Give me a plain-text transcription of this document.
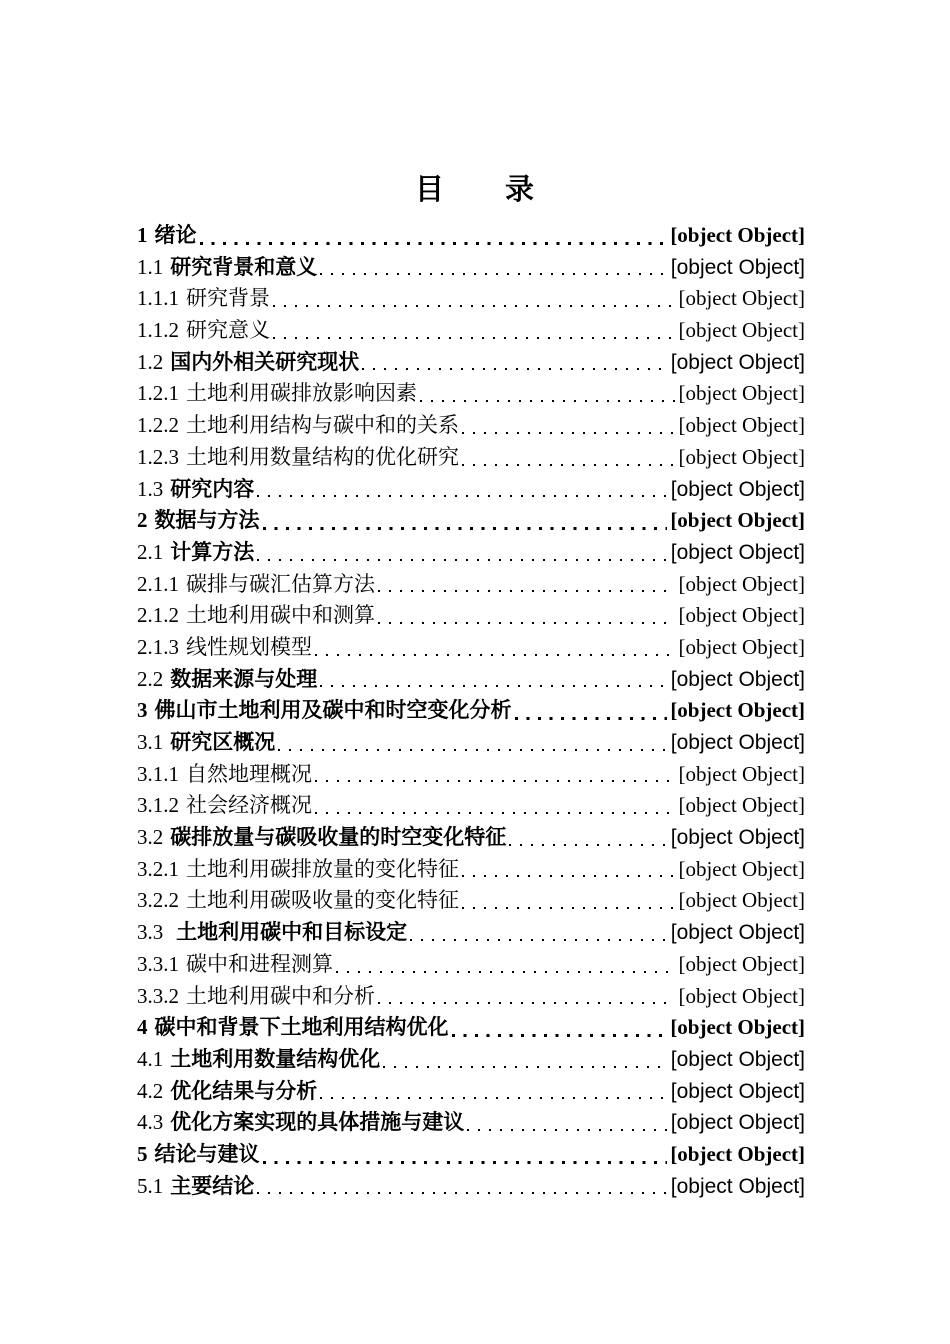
目　　录
1 绪论	[object Object]
1.1 研究背景和意义	[object Object]
1.1.1 研究背景	[object Object]
1.1.2 研究意义	[object Object]
1.2 国内外相关研究现状	[object Object]
1.2.1 土地利用碳排放影响因素	[object Object]
1.2.2 土地利用结构与碳中和的关系	[object Object]
1.2.3 土地利用数量结构的优化研究	[object Object]
1.3 研究内容	[object Object]
2 数据与方法	[object Object]
2.1 计算方法	[object Object]
2.1.1 碳排与碳汇估算方法	[object Object]
2.1.2 土地利用碳中和测算	[object Object]
2.1.3 线性规划模型	[object Object]
2.2 数据来源与处理	[object Object]
3 佛山市土地利用及碳中和时空变化分析	[object Object]
3.1 研究区概况	[object Object]
3.1.1 自然地理概况	[object Object]
3.1.2 社会经济概况	[object Object]
3.2 碳排放量与碳吸收量的时空变化特征	[object Object]
3.2.1 土地利用碳排放量的变化特征	[object Object]
3.2.2 土地利用碳吸收量的变化特征	[object Object]
3.3 土地利用碳中和目标设定	[object Object]
3.3.1 碳中和进程测算	[object Object]
3.3.2 土地利用碳中和分析	[object Object]
4 碳中和背景下土地利用结构优化	[object Object]
4.1 土地利用数量结构优化	[object Object]
4.2 优化结果与分析	[object Object]
4.3 优化方案实现的具体措施与建议	[object Object]
5 结论与建议	[object Object]
5.1 主要结论	[object Object]
